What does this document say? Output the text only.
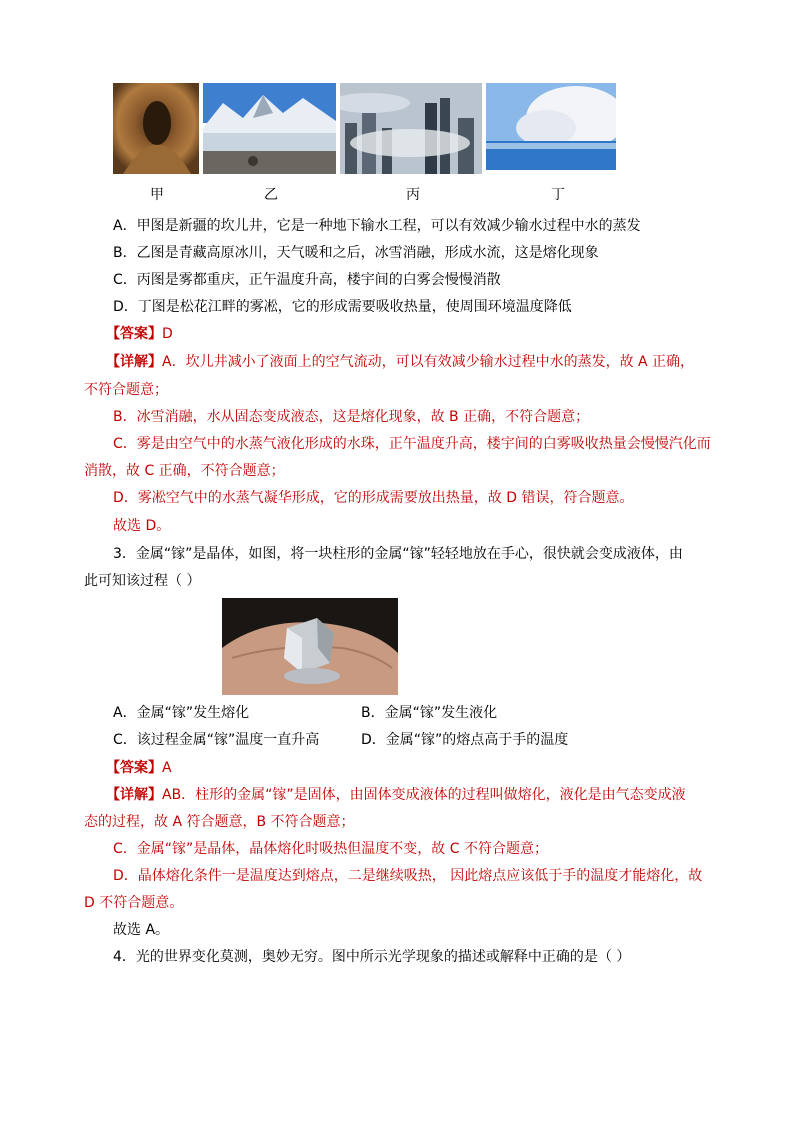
甲	乙	丙	丁
A．甲图是新疆的坎儿井，它是一种地下输水工程，可以有效减少输水过程中水的蒸发
B．乙图是青藏高原冰川，天气暖和之后，冰雪消融，形成水流，这是熔化现象
C．丙图是雾都重庆，正午温度升高，楼宇间的白雾会慢慢消散
D．丁图是松花江畔的雾凇，它的形成需要吸收热量，使周围环境温度降低
【答案】D
【详解】A．坎儿井减小了液面上的空气流动，可以有效减少输水过程中水的蒸发，故 A 正确，
不符合题意；
B．冰雪消融，水从固态变成液态，这是熔化现象，故 B 正确，不符合题意；
C．雾是由空气中的水蒸气液化形成的水珠，正午温度升高，楼宇间的白雾吸收热量会慢慢汽化而
消散，故 C 正确，不符合题意；
D．雾凇空气中的水蒸气凝华形成，它的形成需要放出热量，故 D 错误，符合题意。
故选 D。
3．金属“镓”是晶体，如图，将一块柱形的金属“镓”轻轻地放在手心，很快就会变成液体，由
此可知该过程（ ）
A．金属“镓”发生熔化	B．金属“镓”发生液化
C．该过程金属“镓”温度一直升高	D．金属“镓”的熔点高于手的温度
【答案】A
【详解】AB．柱形的金属“镓”是固体，由固体变成液体的过程叫做熔化，液化是由气态变成液
态的过程，故 A 符合题意，B 不符合题意；
C．金属“镓”是晶体，晶体熔化时吸热但温度不变，故 C 不符合题意；
D．晶体熔化条件一是温度达到熔点，二是继续吸热， 因此熔点应该低于手的温度才能熔化，故
D 不符合题意。
故选 A。
4．光的世界变化莫测，奥妙无穷。图中所示光学现象的描述或解释中正确的是（ ）
